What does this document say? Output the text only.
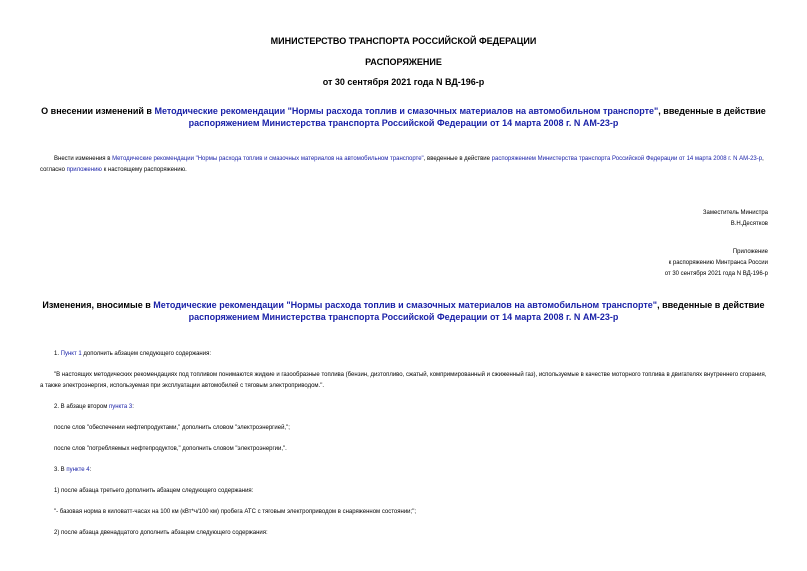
МИНИСТЕРСТВО ТРАНСПОРТА РОССИЙСКОЙ ФЕДЕРАЦИИ
РАСПОРЯЖЕНИЕ
от 30 сентября 2021 года N ВД-196-р
О внесении изменений в Методические рекомендации "Нормы расхода топлив и смазочных материалов на автомобильном транспорте", введенные в действие распоряжением Министерства транспорта Российской Федерации от 14 марта 2008 г. N АМ-23-р
Внести изменения в Методические рекомендации "Нормы расхода топлив и смазочных материалов на автомобильном транспорте", введенные в действие распоряжением Министерства транспорта Российской Федерации от 14 марта 2008 г. N АМ-23-р, согласно приложению к настоящему распоряжению.
Заместитель Министра
В.Н.Десятков
Приложение
к распоряжению Минтранса России
от 30 сентября 2021 года N ВД-196-р
Изменения, вносимые в Методические рекомендации "Нормы расхода топлив и смазочных материалов на автомобильном транспорте", введенные в действие распоряжением Министерства транспорта Российской Федерации от 14 марта 2008 г. N АМ-23-р
1. Пункт 1 дополнить абзацем следующего содержания:
"В настоящих методических рекомендациях под топливом понимаются жидкие и газообразные топлива (бензин, дизтопливо, сжатый, компримированный и сжиженный газ), используемые в качестве моторного топлива в двигателях внутреннего сгорания, а также электроэнергия, используемая при эксплуатации автомобилей с тяговым электроприводом.".
2. В абзаце втором пункта 3:
после слов "обеспечении нефтепродуктами," дополнить словом "электроэнергией,";
после слов "потребляемых нефтепродуктов," дополнить словом "электроэнергии,".
3. В пункте 4:
1) после абзаца третьего дополнить абзацем следующего содержания:
"- базовая норма в киловатт-часах на 100 км (кВт*ч/100 км) пробега АТС с тяговым электроприводом в снаряженном состоянии;";
2) после абзаца двенадцатого дополнить абзацем следующего содержания:
